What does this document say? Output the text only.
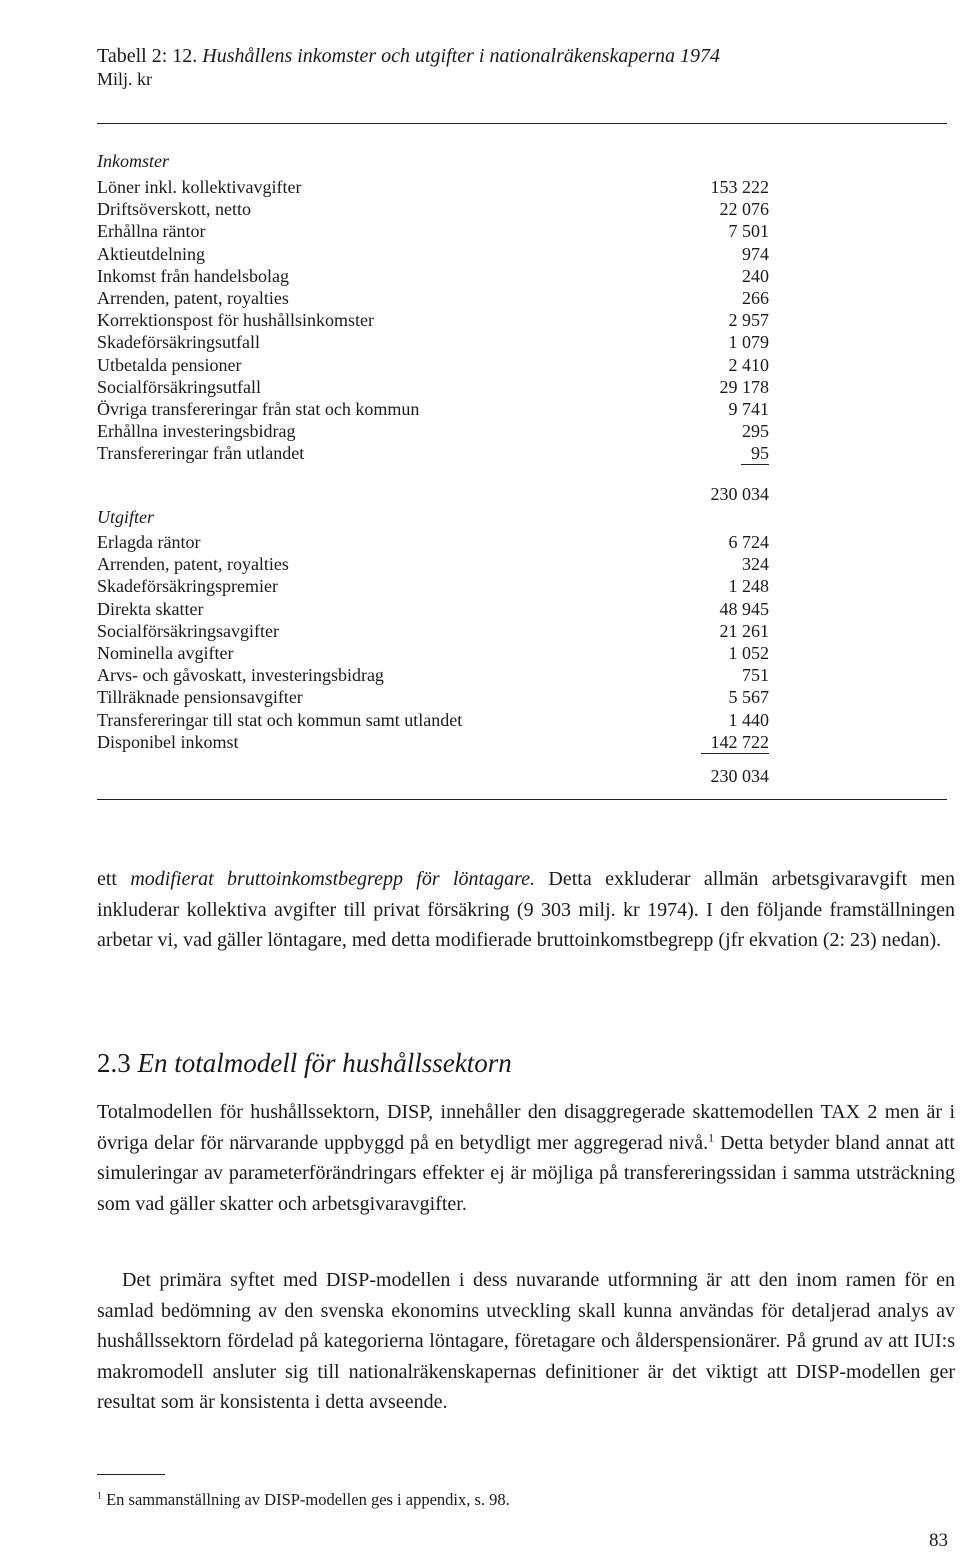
Tabell 2: 12. Hushållens inkomster och utgifter i nationalräkenskaperna 1974
Milj. kr
Inkomster
Löner inkl. kollektivavgifter	153 222
Driftsöverskott, netto	22 076
Erhållna räntor	7 501
Aktieutdelning	974
Inkomst från handelsbolag	240
Arrenden, patent, royalties	266
Korrektionspost för hushållsinkomster	2 957
Skadeförsäkringsutfall	1 079
Utbetalda pensioner	2 410
Socialförsäkringsutfall	29 178
Övriga transfereringar från stat och kommun	9 741
Erhållna investeringsbidrag	295
Transfereringar från utlandet	95
230 034
Utgifter
Erlagda räntor	6 724
Arrenden, patent, royalties	324
Skadeförsäkringspremier	1 248
Direkta skatter	48 945
Socialförsäkringsavgifter	21 261
Nominella avgifter	1 052
Arvs- och gåvoskatt, investeringsbidrag	751
Tillräknade pensionsavgifter	5 567
Transfereringar till stat och kommun samt utlandet	1 440
Disponibel inkomst	142 722
230 034

ett modifierat bruttoinkomstbegrepp för löntagare. Detta exkluderar allmän arbetsgivaravgift men inkluderar kollektiva avgifter till privat försäkring (9 303 milj. kr 1974). I den följande framställningen arbetar vi, vad gäller löntagare, med detta modifierade bruttoinkomstbegrepp (jfr ekvation (2: 23) nedan).

2.3 En totalmodell för hushållssektorn

Totalmodellen för hushållssektorn, DISP, innehåller den disaggregerade skattemodellen TAX 2 men är i övriga delar för närvarande uppbyggd på en betydligt mer aggregerad nivå.$^1$ Detta betyder bland annat att simuleringar av parameterförändringars effekter ej är möjliga på transfereringssidan i samma utsträckning som vad gäller skatter och arbetsgivaravgifter.

Det primära syftet med DISP-modellen i dess nuvarande utformning är att den inom ramen för en samlad bedömning av den svenska ekonomins utveckling skall kunna användas för detaljerad analys av hushållssektorn fördelad på kategorierna löntagare, företagare och ålderspensionärer. På grund av att IUI:s makromodell ansluter sig till nationalräkenskapernas definitioner är det viktigt att DISP-modellen ger resultat som är konsistenta i detta avseende.

$^1$ En sammanställning av DISP-modellen ges i appendix, s. 98.
83
